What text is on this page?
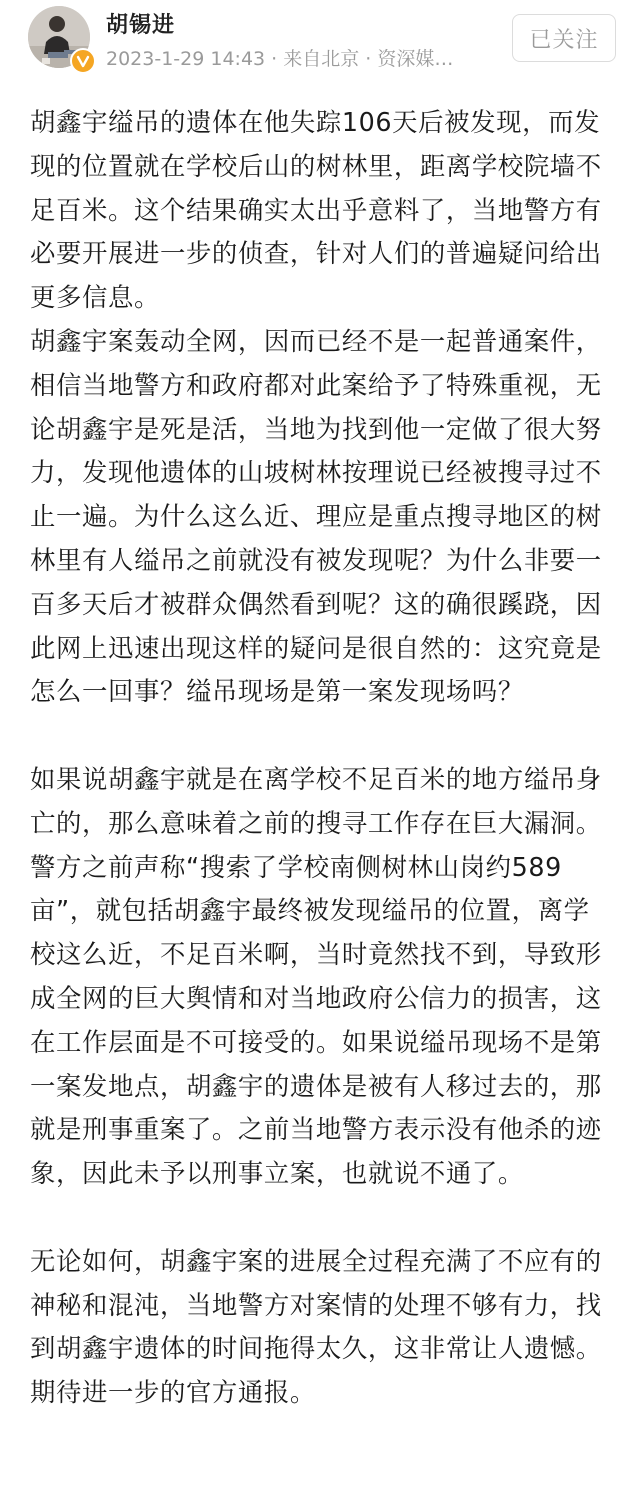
胡锡进
2023-1-29 14:43 · 来自北京 · 资深媒…
已关注

胡鑫宇缢吊的遗体在他失踪106天后被发现，而发现的位置就在学校后山的树林里，距离学校院墙不足百米。这个结果确实太出乎意料了，当地警方有必要开展进一步的侦查，针对人们的普遍疑问给出更多信息。

胡鑫宇案轰动全网，因而已经不是一起普通案件，相信当地警方和政府都对此案给予了特殊重视，无论胡鑫宇是死是活，当地为找到他一定做了很大努力，发现他遗体的山坡树林按理说已经被搜寻过不止一遍。为什么这么近、理应是重点搜寻地区的树林里有人缢吊之前就没有被发现呢？为什么非要一百多天后才被群众偶然看到呢？这的确很蹊跷，因此网上迅速出现这样的疑问是很自然的：这究竟是怎么一回事？缢吊现场是第一案发现场吗？

如果说胡鑫宇就是在离学校不足百米的地方缢吊身亡的，那么意味着之前的搜寻工作存在巨大漏洞。警方之前声称“搜索了学校南侧树林山岗约589亩”，就包括胡鑫宇最终被发现缢吊的位置，离学校这么近，不足百米啊，当时竟然找不到，导致形成全网的巨大舆情和对当地政府公信力的损害，这在工作层面是不可接受的。如果说缢吊现场不是第一案发地点，胡鑫宇的遗体是被有人移过去的，那就是刑事重案了。之前当地警方表示没有他杀的迹象，因此未予以刑事立案，也就说不通了。

无论如何，胡鑫宇案的进展全过程充满了不应有的神秘和混沌，当地警方对案情的处理不够有力，找到胡鑫宇遗体的时间拖得太久，这非常让人遗憾。期待进一步的官方通报。
